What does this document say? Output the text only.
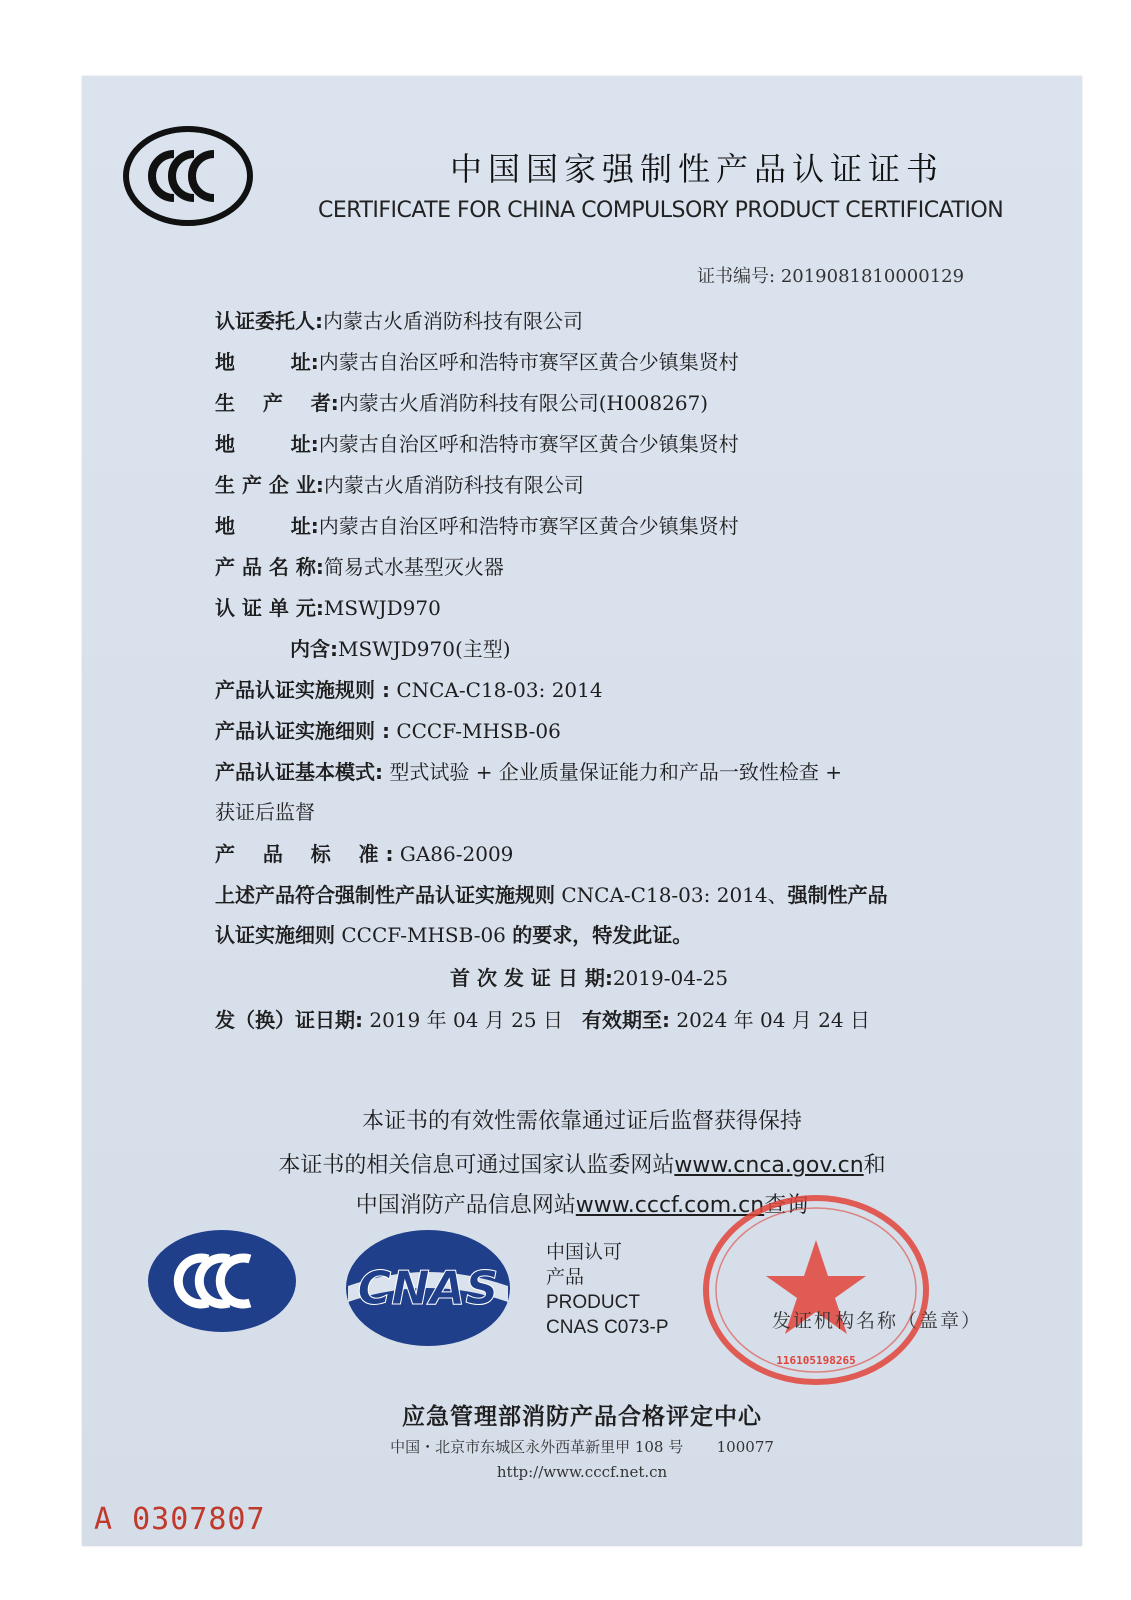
中国国家强制性产品认证证书
CERTIFICATE FOR CHINA COMPULSORY PRODUCT CERTIFICATION
证书编号: 2019081810000129
认证委托人:内蒙古火盾消防科技有限公司
地        址:内蒙古自治区呼和浩特市赛罕区黄合少镇集贤村
生    产    者:内蒙古火盾消防科技有限公司(H008267)
地        址:内蒙古自治区呼和浩特市赛罕区黄合少镇集贤村
生 产 企 业:内蒙古火盾消防科技有限公司
地        址:内蒙古自治区呼和浩特市赛罕区黄合少镇集贤村
产 品 名 称:简易式水基型灭火器
认 证 单 元:MSWJD970
内含:MSWJD970(主型)
产品认证实施规则 : CNCA-C18-03: 2014
产品认证实施细则 : CCCF-MHSB-06
产品认证基本模式: 型式试验 + 企业质量保证能力和产品一致性检查 +
获证后监督
产    品    标    准 : GA86-2009
上述产品符合强制性产品认证实施规则 CNCA-C18-03: 2014、强制性产品
认证实施细则 CCCF-MHSB-06 的要求，特发此证。
首 次 发 证 日 期:2019-04-25
发（换）证日期: 2019 年 04 月 25 日 有效期至: 2024 年 04 月 24 日
本证书的有效性需依靠通过证后监督获得保持
本证书的相关信息可通过国家认监委网站www.cnca.gov.cn和
中国消防产品信息网站www.cccf.com.cn查询
CNAS
中国认可
产品
PRODUCT
CNAS C073-P
116105198265
发证机构名称（盖章）
应急管理部消防产品合格评定中心
中国・北京市东城区永外西革新里甲 108 号 100077
http://www.cccf.net.cn
A 0307807
